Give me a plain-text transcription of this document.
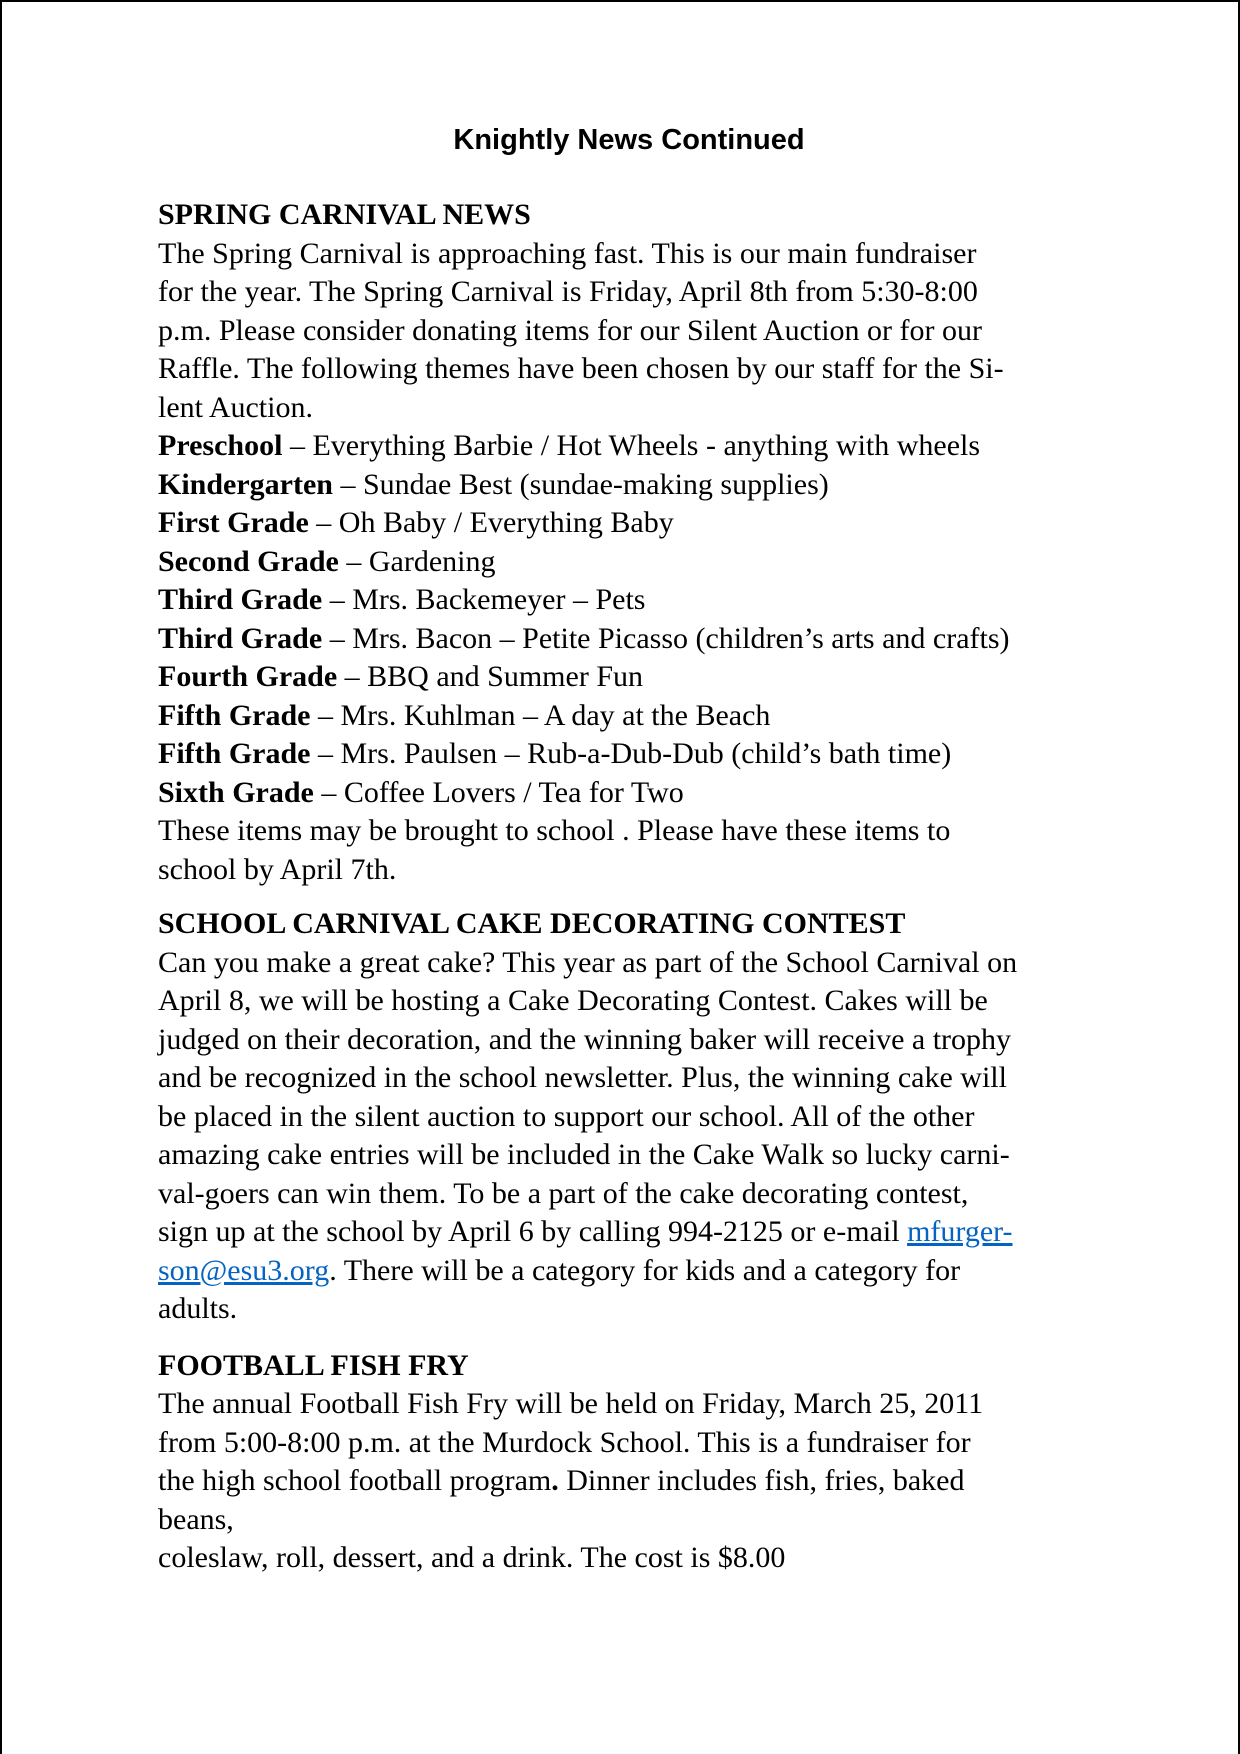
Knightly News Continued

SPRING CARNIVAL NEWS

The Spring Carnival is approaching fast. This is our main fundraiser

for the year. The Spring Carnival is Friday, April 8th from 5:30-8:00

p.m. Please consider donating items for our Silent Auction or for our

Raffle. The following themes have been chosen by our staff for the Si-

lent Auction.

Preschool – Everything Barbie / Hot Wheels - anything with wheels

Kindergarten – Sundae Best (sundae-making supplies)

First Grade – Oh Baby / Everything Baby

Second Grade – Gardening

Third Grade – Mrs. Backemeyer – Pets

Third Grade – Mrs. Bacon – Petite Picasso (children’s arts and crafts)

Fourth Grade – BBQ and Summer Fun

Fifth Grade – Mrs. Kuhlman – A day at the Beach

Fifth Grade – Mrs. Paulsen – Rub-a-Dub-Dub (child’s bath time)

Sixth Grade – Coffee Lovers / Tea for Two

These items may be brought to school . Please have these items to

school by April 7th.

SCHOOL CARNIVAL CAKE DECORATING CONTEST

Can you make a great cake? This year as part of the School Carnival on

April 8, we will be hosting a Cake Decorating Contest. Cakes will be

judged on their decoration, and the winning baker will receive a trophy

and be recognized in the school newsletter. Plus, the winning cake will

be placed in the silent auction to support our school. All of the other

amazing cake entries will be included in the Cake Walk so lucky carni-

val-goers can win them. To be a part of the cake decorating contest,

sign up at the school by April 6 by calling 994-2125 or e-mail mfurger-

son@esu3.org. There will be a category for kids and a category for

adults.

FOOTBALL FISH FRY

The annual Football Fish Fry will be held on Friday, March 25, 2011

from 5:00-8:00 p.m. at the Murdock School. This is a fundraiser for

the high school football program. Dinner includes fish, fries, baked

beans,

coleslaw, roll, dessert, and a drink. The cost is $8.00
